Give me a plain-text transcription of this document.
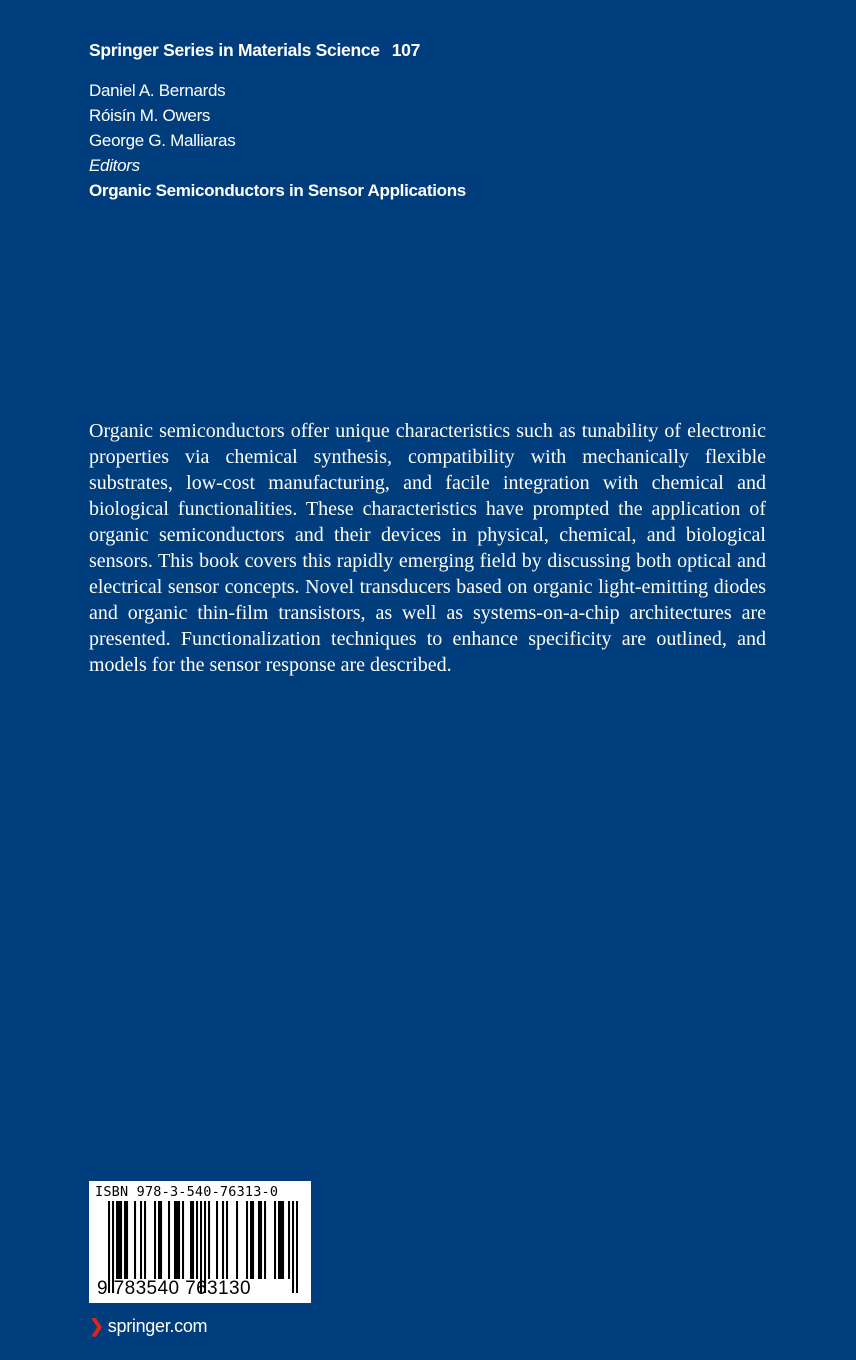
Springer Series in Materials Science 107
Daniel A. Bernards
Róisín M. Owers
George G. Malliaras
Editors
Organic Semiconductors in Sensor Applications

Organic semiconductors offer unique characteristics such as tunability of electronic properties via chemical synthesis, compatibility with mechanically flexible substrates, low-cost manufacturing, and facile integration with chemical and biological functionalities. These characteristics have prompted the application of organic semiconductors and their devices in physical, chemical, and biological sensors. This book covers this rapidly emerging field by discussing both optical and electrical sensor concepts. Novel transducers based on organic light-emitting diodes and organic thin-film transistors, as well as systems-on-a-chip architectures are presented. Functionalization techniques to enhance specificity are outlined, and models for the sensor response are described.

ISBN 978-3-540-76313-0
9 783540 763130
❯ springer.com
